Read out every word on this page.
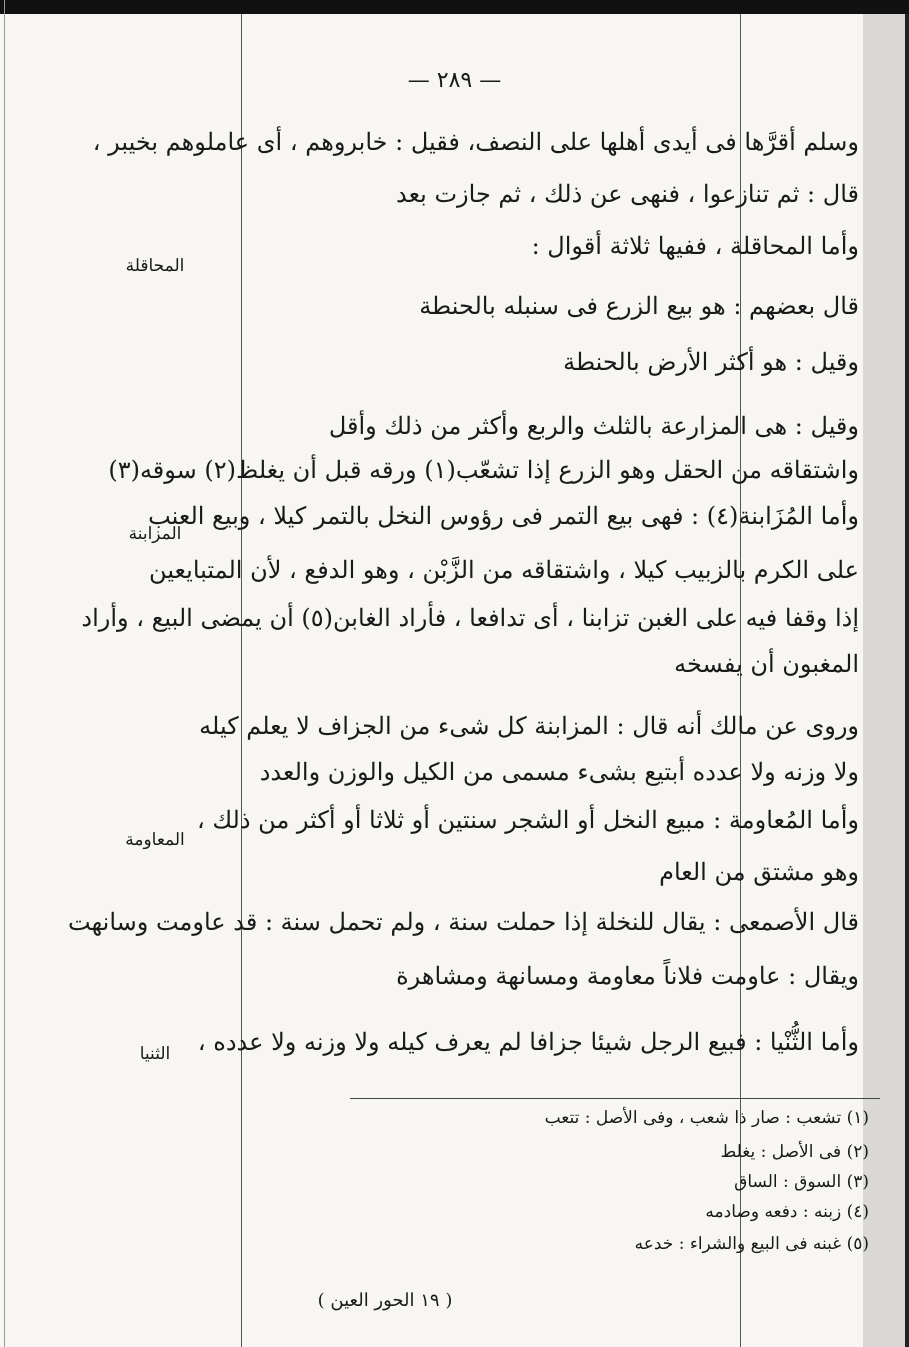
— ٢٨٩ —
وسلم أقرَّها فى أيدى أهلها على النصف، فقيل : خابروهم ، أى عاملوهم بخيبر ،
قال : ثم تنازعوا ، فنهى عن ذلك ، ثم جازت بعد
وأما المحاقلة ، ففيها ثلاثة أقوال :
قال بعضهم : هو بيع الزرع فى سنبله بالحنطة
وقيل : هو أكثر الأرض بالحنطة
وقيل : هى المزارعة بالثلث والربع وأكثر من ذلك وأقل
واشتقاقه من الحقل وهو الزرع إذا تشعّب(١) ورقه قبل أن يغلظ(٢) سوقه(٣)
وأما المُزَابنة(٤) : فهى بيع التمر فى رؤوس النخل بالتمر كيلا ، وبيع العنب
على الكرم بالزبيب كيلا ، واشتقاقه من الزَّبْن ، وهو الدفع ، لأن المتبايعين
إذا وقفا فيه على الغبن تزابنا ، أى تدافعا ، فأراد الغابن(٥) أن يمضى البيع ، وأراد
المغبون أن يفسخه
وروى عن مالك أنه قال : المزابنة كل شىء من الجزاف لا يعلم كيله
ولا وزنه ولا عدده أبتيع بشىء مسمى من الكيل والوزن والعدد
وأما المُعاومة : مبيع النخل أو الشجر سنتين أو ثلاثا أو أكثر من ذلك ،
وهو مشتق من العام
قال الأصمعى : يقال للنخلة إذا حملت سنة ، ولم تحمل سنة : قد عاومت وسانهت
ويقال : عاومت فلاناً معاومة ومسانهة ومشاهرة
وأما الثُّنْيا : فبيع الرجل شيئا جزافا لم يعرف كيله ولا وزنه ولا عدده ،
المحاقلة
المزابنة
المعاومة
الثنيا
(١) تشعب : صار ذا شعب ، وفى الأصل : تتعب
(٢) فى الأصل : يغلط
(٣) السوق : الساق
(٤) زبنه : دفعه وصادمه
(٥) غبنه فى البيع والشراء : خدعه
( ١٩ الحور العين )
